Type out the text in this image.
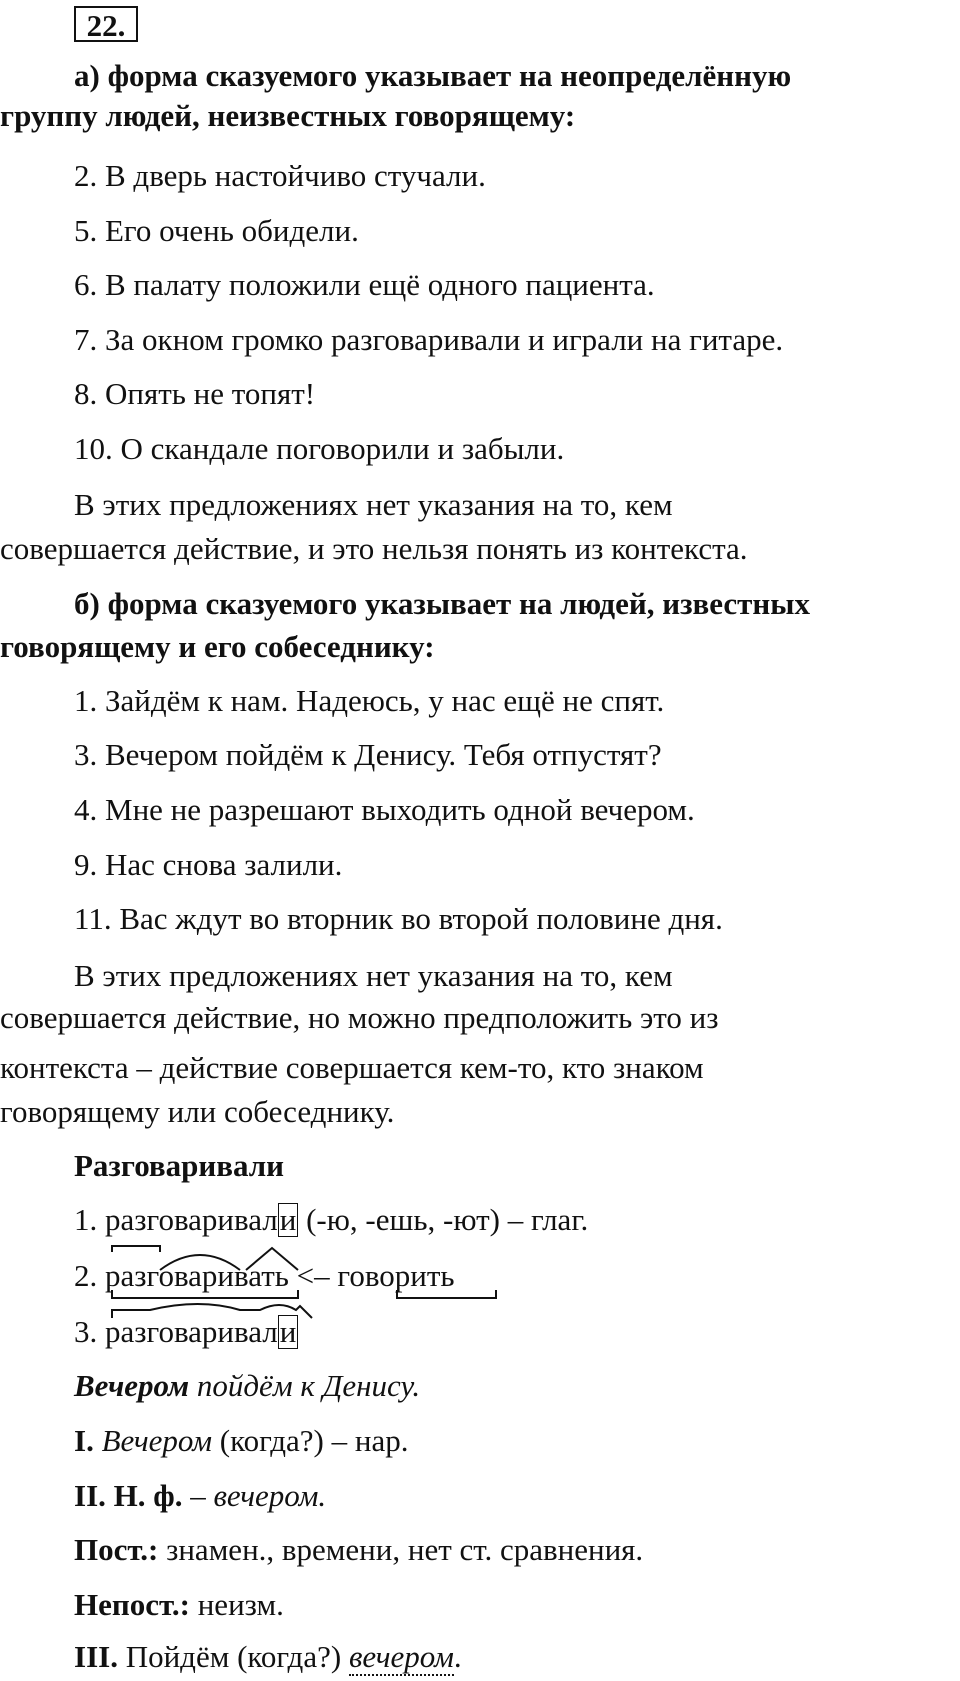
22.
а) форма сказуемого указывает на неопределённую
группу людей, неизвестных говорящему:
2. В дверь настойчиво стучали.
5. Его очень обидели.
6. В палату положили ещё одного пациента.
7. За окном громко разговаривали и играли на гитаре.
8. Опять не топят!
10. О скандале поговорили и забыли.
В этих предложениях нет указания на то, кем
совершается действие, и это нельзя понять из контекста.
б) форма сказуемого указывает на людей, известных
говорящему и его собеседнику:
1. Зайдём к нам. Надеюсь, у нас ещё не спят.
3. Вечером пойдём к Денису. Тебя отпустят?
4. Мне не разрешают выходить одной вечером.
9. Нас снова залили.
11. Вас ждут во вторник во второй половине дня.
В этих предложениях нет указания на то, кем
совершается действие, но можно предположить это из
контекста – действие совершается кем-то, кто знаком
говорящему или собеседнику.
Разговаривали
1. разговаривали (-ю, -ешь, -ют) – глаг.
2. разговаривать <– говорить
3. разговаривали
Вечером пойдём к Денису.
I. Вечером (когда?) – нар.
II. Н. ф. – вечером.
Пост.: знамен., времени, нет ст. сравнения.
Непост.: неизм.
III. Пойдём (когда?) вечером.
